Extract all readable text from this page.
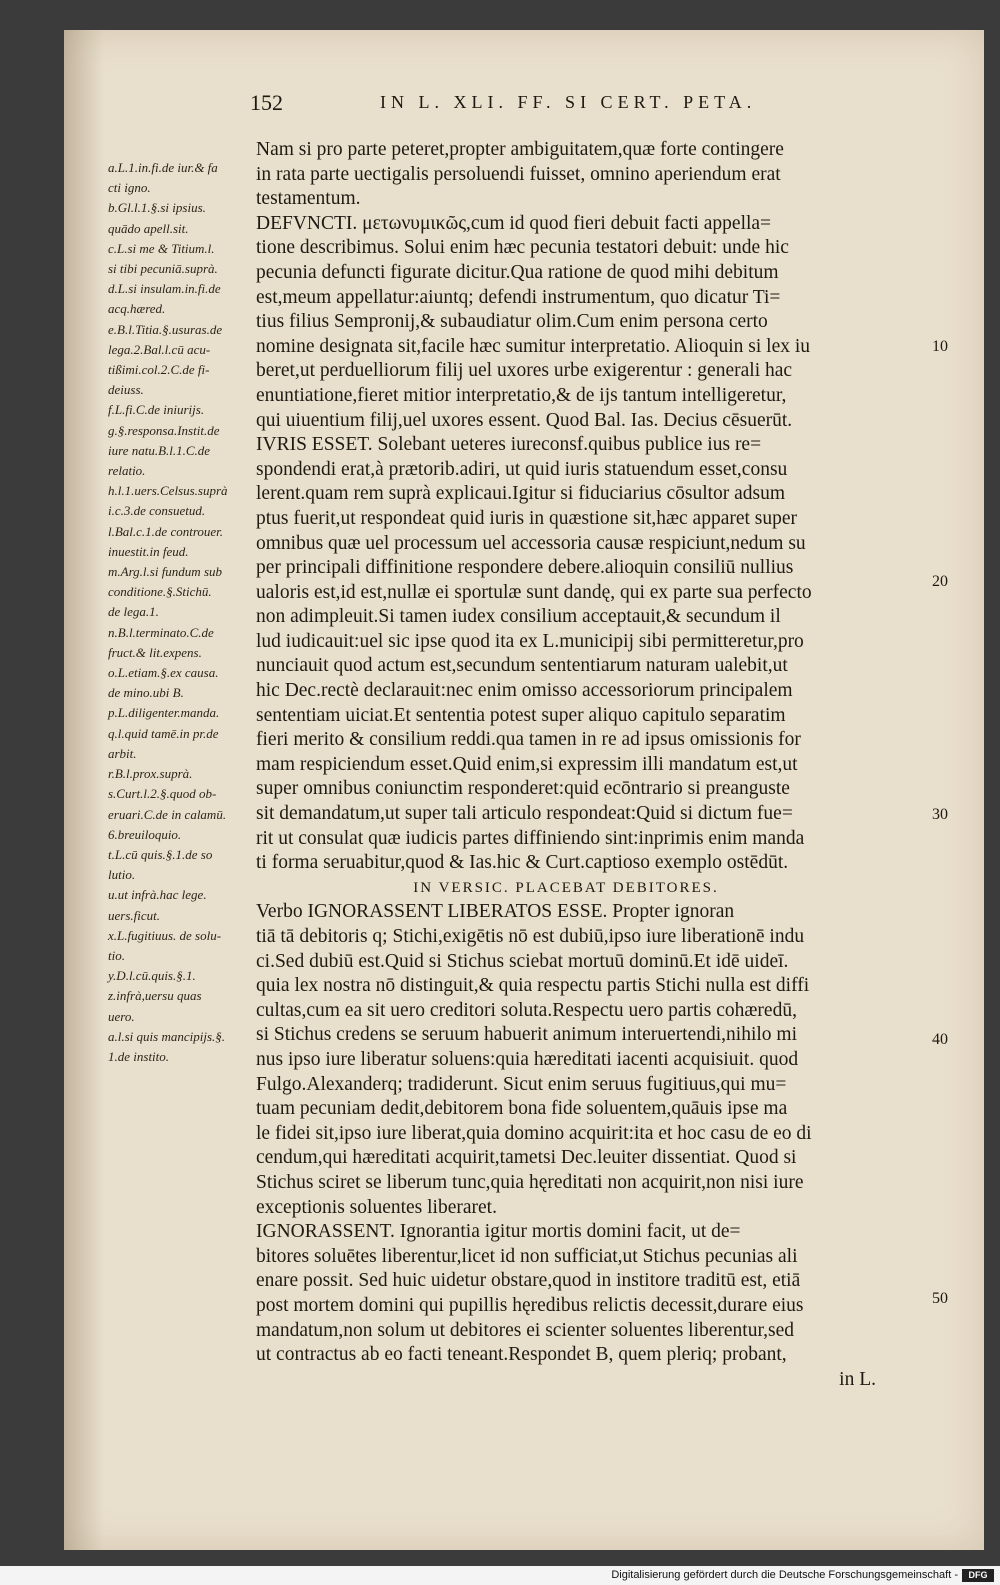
152	IN L. XLI. FF. SI CERT. PETA.
a.L.1.in.fi.de iur.& fa
cti igno.
b.Gl.l.1.§.si ipsius.
quādo apell.sit.
c.L.si me & Titium.l.
si tibi pecuniā.suprà.
d.L.si insulam.in.fi.de
acq.hæred.
e.B.l.Titia.§.usuras.de
lega.2.Bal.l.cū acu-
tißimi.col.2.C.de fi-
deiuss.
f.L.fi.C.de iniurijs.
g.§.responsa.Instit.de
iure natu.B.l.1.C.de
relatio.
h.l.1.uers.Celsus.suprà
i.c.3.de consuetud.
l.Bal.c.1.de controuer.
inuestit.in feud.
m.Arg.l.si fundum sub
conditione.§.Stichū.
de lega.1.
n.B.l.terminato.C.de
fruct.& lit.expens.
o.L.etiam.§.ex causa.
de mino.ubi B.
p.L.diligenter.manda.
q.l.quid tamē.in pr.de
arbit.
r.B.l.prox.suprà.
s.Curt.l.2.§.quod ob-
eruari.C.de in calamū.
6.breuiloquio.
t.L.cū quis.§.1.de so
lutio.
u.ut infrà.hac lege.
uers.ficut.
x.L.fugitiuus. de solu-
tio.
y.D.l.cū.quis.§.1.
z.infrà,uersu quas
uero.
a.l.si quis mancipijs.§.
1.de instito.
Nam si pro parte peteret,propter ambiguitatem,quæ forte contingere
in rata parte uectigalis persoluendi fuisset, omnino aperiendum erat
testamentum.
DEFVNCTI. μετωνυμικῶς,cum id quod fieri debuit facti appella=
tione describimus. Solui enim hæc pecunia testatori debuit: unde hic
pecunia defuncti figurate dicitur.Qua ratione de quod mihi debitum
est,meum appellatur:aiuntq; defendi instrumentum, quo dicatur Ti=
tius filius Sempronij,& subaudiatur olim.Cum enim persona certo
nomine designata sit,facile hæc sumitur interpretatio. Alioquin si lex iu
beret,ut perduelliorum filij uel uxores urbe exigerentur : generali hac
enuntiatione,fieret mitior interpretatio,& de ijs tantum intelligeretur,
qui uiuentium filij,uel uxores essent. Quod Bal. Ias. Decius cēsuerūt.
IVRIS ESSET. Solebant ueteres iureconsf.quibus publice ius re=
spondendi erat,à prætorib.adiri, ut quid iuris statuendum esset,consu
lerent.quam rem suprà explicaui.Igitur si fiduciarius cōsultor adsum
ptus fuerit,ut respondeat quid iuris in quæstione sit,hæc apparet super
omnibus quæ uel processum uel accessoria causæ respiciunt,nedum su
per principali diffinitione respondere debere.alioquin consiliū nullius
ualoris est,id est,nullæ ei sportulæ sunt dandę, qui ex parte sua perfecto
non adimpleuit.Si tamen iudex consilium acceptauit,& secundum il
lud iudicauit:uel sic ipse quod ita ex L.municipij sibi permitteretur,pro
nunciauit quod actum est,secundum sententiarum naturam ualebit,ut
hic Dec.rectè declarauit:nec enim omisso accessoriorum principalem
sententiam uiciat.Et sententia potest super aliquo capitulo separatim
fieri merito & consilium reddi.qua tamen in re ad ipsus omissionis for
mam respiciendum esset.Quid enim,si expressim illi mandatum est,ut
super omnibus coniunctim responderet:quid ecōntrario si preanguste
sit demandatum,ut super tali articulo respondeat:Quid si dictum fue=
rit ut consulat quæ iudicis partes diffiniendo sint:inprimis enim manda
ti forma seruabitur,quod & Ias.hic & Curt.captioso exemplo ostēdūt.
IN VERSIC. PLACEBAT DEBITORES.
Verbo IGNORASSENT LIBERATOS ESSE. Propter ignoran
tiā tā debitoris q; Stichi,exigētis nō est dubiū,ipso iure liberationē indu
ci.Sed dubiū est.Quid si Stichus sciebat mortuū dominū.Et idē uideī.
quia lex nostra nō distinguit,& quia respectu partis Stichi nulla est diffi
cultas,cum ea sit uero creditori soluta.Respectu uero partis cohæredū,
si Stichus credens se seruum habuerit animum interuertendi,nihilo mi
nus ipso iure liberatur soluens:quia hæreditati iacenti acquisiuit. quod
Fulgo.Alexanderq; tradiderunt. Sicut enim seruus fugitiuus,qui mu=
tuam pecuniam dedit,debitorem bona fide soluentem,quāuis ipse ma
le fidei sit,ipso iure liberat,quia domino acquirit:ita et hoc casu de eo di
cendum,qui hæreditati acquirit,tametsi Dec.leuiter dissentiat. Quod si
Stichus sciret se liberum tunc,quia hęreditati non acquirit,non nisi iure
exceptionis soluentes liberaret.
IGNORASSENT. Ignorantia igitur mortis domini facit, ut de=
bitores soluētes liberentur,licet id non sufficiat,ut Stichus pecunias ali
enare possit. Sed huic uidetur obstare,quod in institore traditū est, etiā
post mortem domini qui pupillis hęredibus relictis decessit,durare eius
mandatum,non solum ut debitores ei scienter soluentes liberentur,sed
ut contractus ab eo facti teneant.Respondet B, quem pleriq; probant,
in L.
10
20
30
40
50
Digitalisierung gefördert durch die Deutsche Forschungsgemeinschaft -	DFG
